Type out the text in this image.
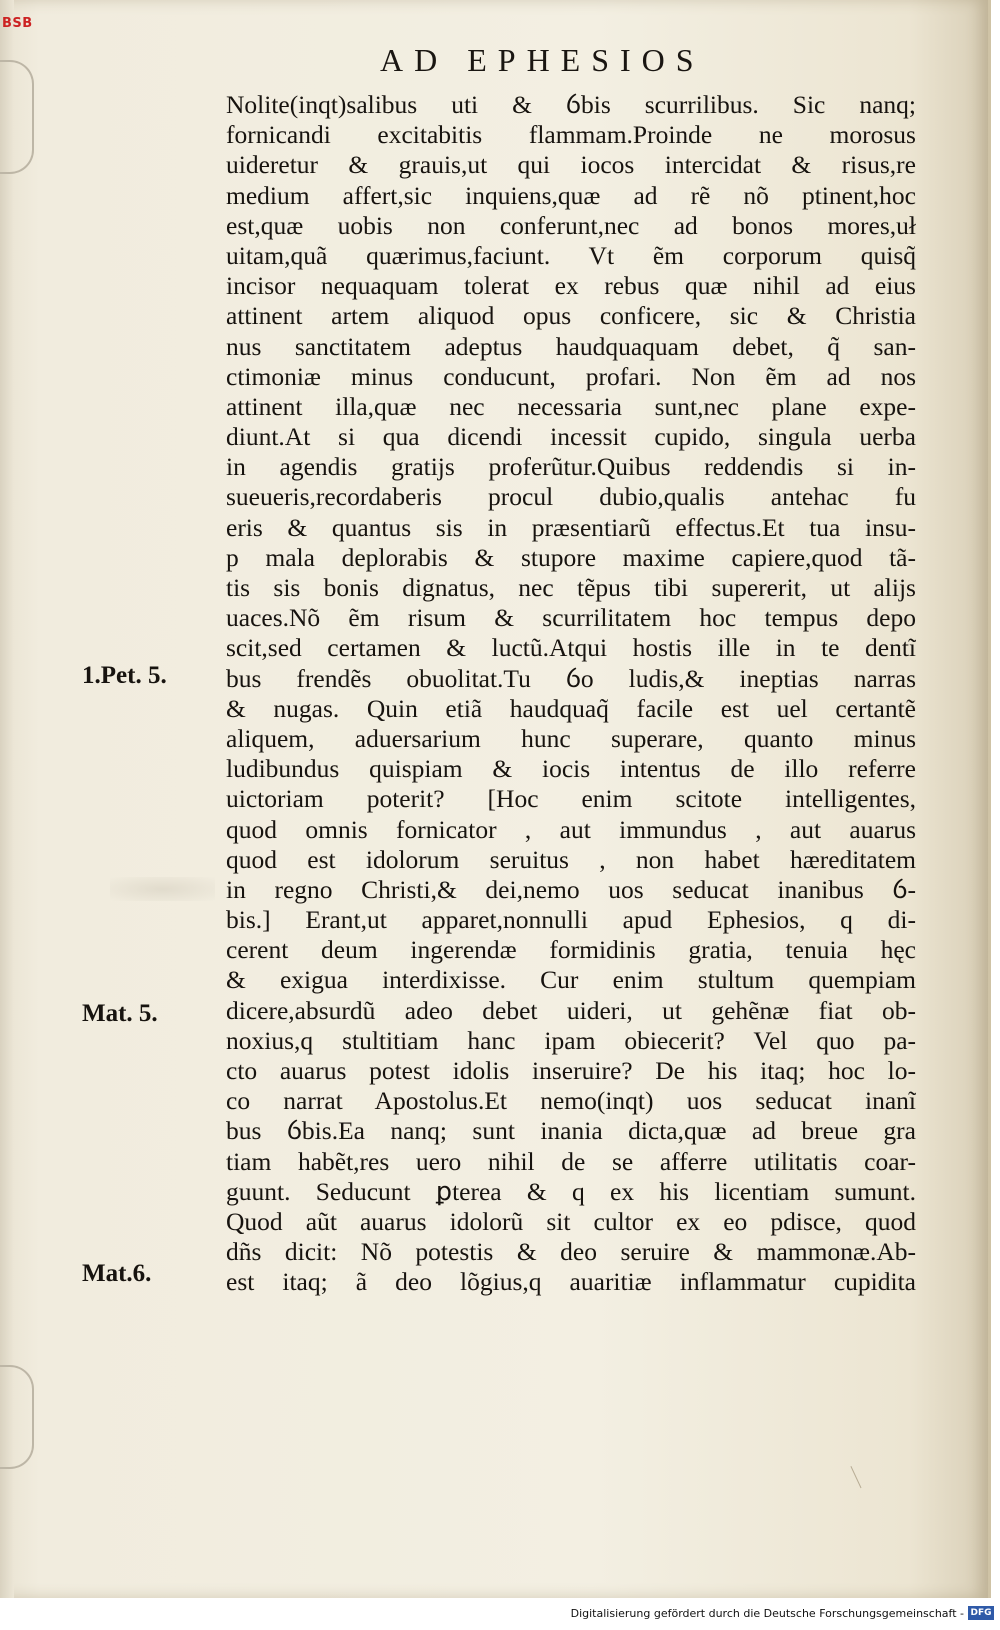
BSB
AD EPHESIOS
Nolite(inqt)salibus uti & ỽbis scurrilibus. Sic nanq;
fornicandi excitabitis flammam.Proinde ne morosus
uideretur & grauis,ut qui iocos intercidat & risus,re
medium affert,sic inquiens,quæ ad rẽ nõ ptinent,hoc
est,quæ uobis non conferunt,nec ad bonos mores,uł
uitam,quã quærimus,faciunt. Vt ẽm corporum quisq̃
incisor nequaquam tolerat ex rebus quæ nihil ad eius
attinent artem aliquod opus conficere, sic & Christia
nus sanctitatem adeptus haudquaquam debet, q̃ san-
ctimoniæ minus conducunt, profari. Non ẽm ad nos
attinent illa,quæ nec necessaria sunt,nec plane expe-
diunt.At si qua dicendi incessit cupido, singula uerba
in agendis gratijs proferũtur.Quibus reddendis si in-
sueueris,recordaberis procul dubio,qualis antehac fu
eris & quantus sis in præsentiarũ effectus.Et tua insu-
p mala deplorabis & stupore maxime capiere,quod tã-
tis sis bonis dignatus, nec tẽpus tibi supererit, ut alijs
uaces.Nõ ẽm risum & scurrilitatem hoc tempus depo
scit,sed certamen & luctũ.Atqui hostis ille in te dentĩ
bus frendẽs obuolitat.Tu ỽo ludis,& ineptias narras
& nugas. Quin etiã haudquaq̃ facile est uel certantẽ
aliquem, aduersarium hunc superare, quanto minus
ludibundus quispiam & iocis intentus de illo referre
uictoriam poterit? [Hoc enim scitote intelligentes,
quod omnis fornicator , aut immundus , aut auarus
quod est idolorum seruitus , non habet hæreditatem
in regno Christi,& dei,nemo uos seducat inanibus ỽ-
bis.] Erant,ut apparet,nonnulli apud Ephesios, q di-
cerent deum ingerendæ formidinis gratia, tenuia hęc
& exigua interdixisse. Cur enim stultum quempiam
dicere,absurdũ adeo debet uideri, ut gehẽnæ fiat ob-
noxius,q stultitiam hanc ipam obiecerit? Vel quo pa-
cto auarus potest idolis inseruire? De his itaq; hoc lo-
co narrat Apostolus.Et nemo(inqt) uos seducat inanĩ
bus ỽbis.Ea nanq; sunt inania dicta,quæ ad breue gra
tiam habẽt,res uero nihil de se afferre utilitatis coar-
guunt. Seducunt ꝑterea & q ex his licentiam sumunt.
Quod aũt auarus idolorũ sit cultor ex eo pdisce, quod
dñs dicit: Nõ potestis & deo seruire & mammonæ.Ab-
est itaq; ã deo lõgius,q auaritiæ inflammatur cupidita
1.Pet. 5.
Mat. 5.
Mat.6.
Digitalisierung gefördert durch die Deutsche Forschungsgemeinschaft - DFG
